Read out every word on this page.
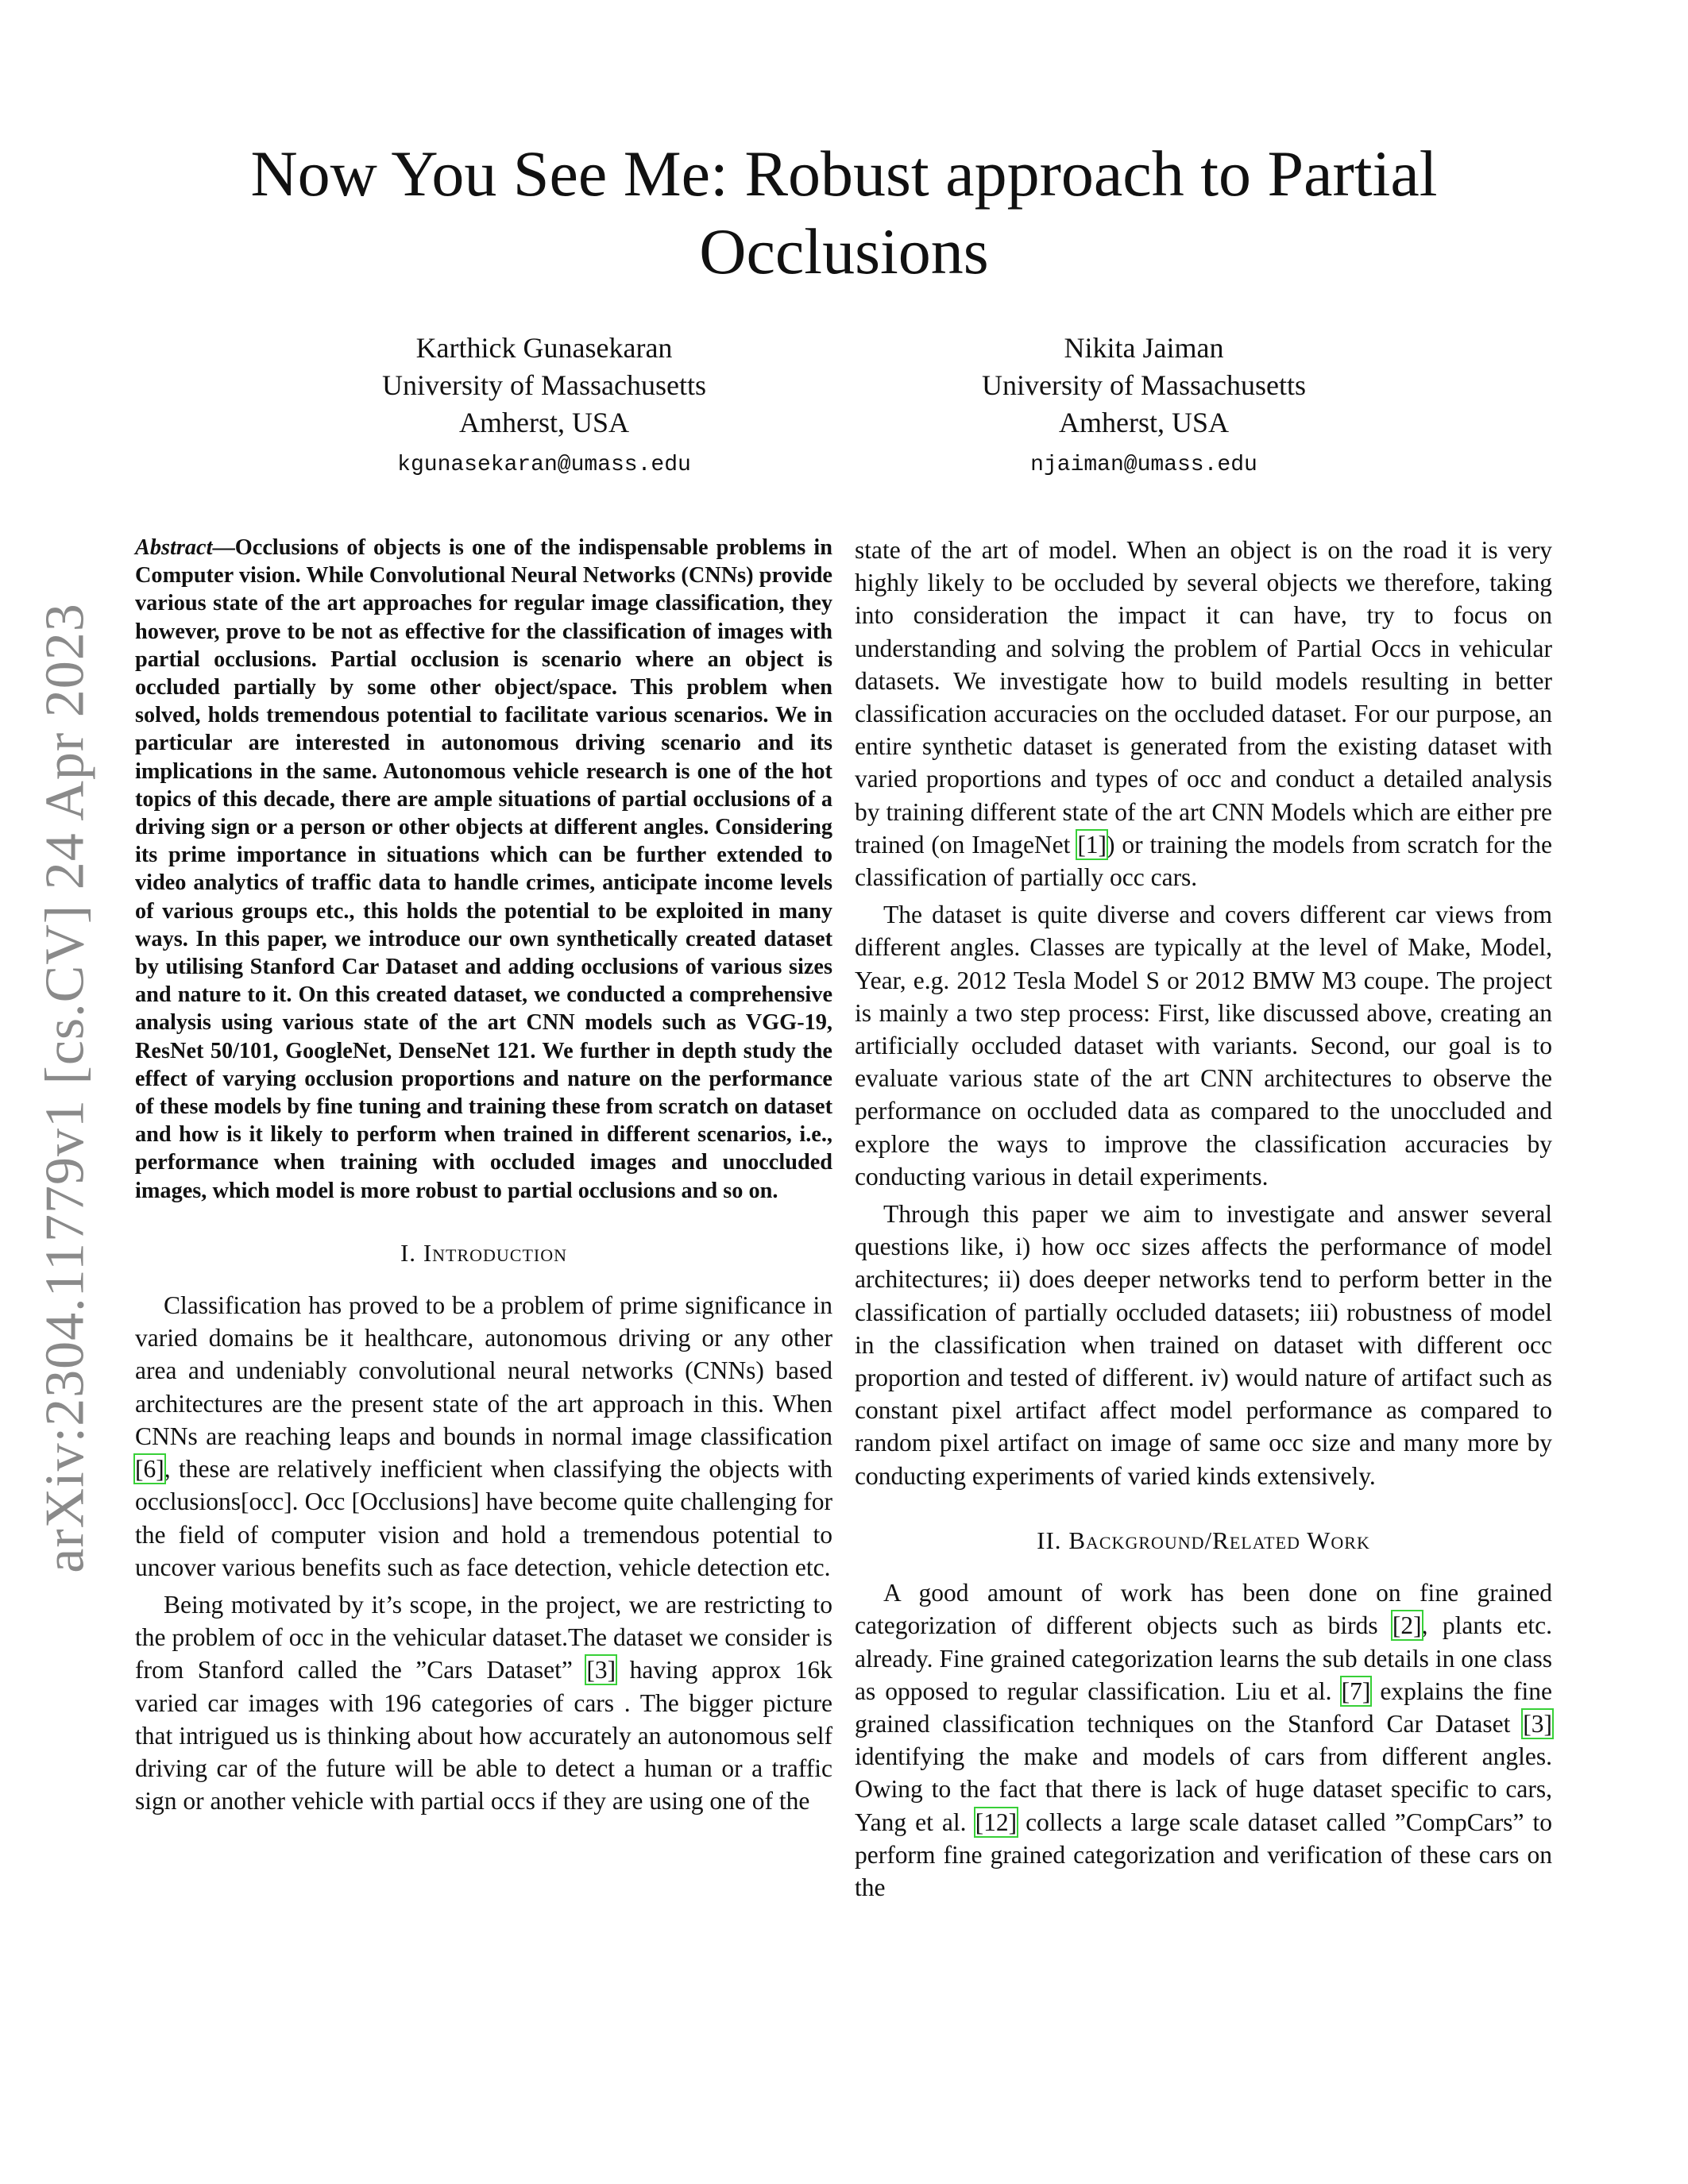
arXiv:2304.11779v1 [cs.CV] 24 Apr 2023
Now You See Me: Robust approach to Partial Occlusions
Karthick Gunasekaran
University of Massachusetts
Amherst, USA
kgunasekaran@umass.edu
Nikita Jaiman
University of Massachusetts
Amherst, USA
njaiman@umass.edu

Abstract—Occlusions of objects is one of the indispensable problems in Computer vision. While Convolutional Neural Networks (CNNs) provide various state of the art approaches for regular image classification, they however, prove to be not as effective for the classification of images with partial occlusions. Partial occlusion is scenario where an object is occluded partially by some other object/space. This problem when solved, holds tremendous potential to facilitate various scenarios. We in particular are interested in autonomous driving scenario and its implications in the same. Autonomous vehicle research is one of the hot topics of this decade, there are ample situations of partial occlusions of a driving sign or a person or other objects at different angles. Considering its prime importance in situations which can be further extended to video analytics of traffic data to handle crimes, anticipate income levels of various groups etc., this holds the potential to be exploited in many ways. In this paper, we introduce our own synthetically created dataset by utilising Stanford Car Dataset and adding occlusions of various sizes and nature to it. On this created dataset, we conducted a comprehensive analysis using various state of the art CNN models such as VGG-19, ResNet 50/101, GoogleNet, DenseNet 121. We further in depth study the effect of varying occlusion proportions and nature on the performance of these models by fine tuning and training these from scratch on dataset and how is it likely to perform when trained in different scenarios, i.e., performance when training with occluded images and unoccluded images, which model is more robust to partial occlusions and so on.

I. Introduction

Classification has proved to be a problem of prime significance in varied domains be it healthcare, autonomous driving or any other area and undeniably convolutional neural networks (CNNs) based architectures are the present state of the art approach in this. When CNNs are reaching leaps and bounds in normal image classification [6], these are relatively inefficient when classifying the objects with occlusions[occ]. Occ [Occlusions] have become quite challenging for the field of computer vision and hold a tremendous potential to uncover various benefits such as face detection, vehicle detection etc.

Being motivated by it’s scope, in the project, we are restricting to the problem of occ in the vehicular dataset.The dataset we consider is from Stanford called the ”Cars Dataset” [3] having approx 16k varied car images with 196 categories of cars . The bigger picture that intrigued us is thinking about how accurately an autonomous self driving car of the future will be able to detect a human or a traffic sign or another vehicle with partial occs if they are using one of the

state of the art of model. When an object is on the road it is very highly likely to be occluded by several objects we therefore, taking into consideration the impact it can have, try to focus on understanding and solving the problem of Partial Occs in vehicular datasets. We investigate how to build models resulting in better classification accuracies on the occluded dataset. For our purpose, an entire synthetic dataset is generated from the existing dataset with varied proportions and types of occ and conduct a detailed analysis by training different state of the art CNN Models which are either pre trained (on ImageNet [1]) or training the models from scratch for the classification of partially occ cars.

The dataset is quite diverse and covers different car views from different angles. Classes are typically at the level of Make, Model, Year, e.g. 2012 Tesla Model S or 2012 BMW M3 coupe. The project is mainly a two step process: First, like discussed above, creating an artificially occluded dataset with variants. Second, our goal is to evaluate various state of the art CNN architectures to observe the performance on occluded data as compared to the unoccluded and explore the ways to improve the classification accuracies by conducting various in detail experiments.

Through this paper we aim to investigate and answer several questions like, i) how occ sizes affects the performance of model architectures; ii) does deeper networks tend to perform better in the classification of partially occluded datasets; iii) robustness of model in the classification when trained on dataset with different occ proportion and tested of different. iv) would nature of artifact such as constant pixel artifact affect model performance as compared to random pixel artifact on image of same occ size and many more by conducting experiments of varied kinds extensively.

II. Background/Related Work

A good amount of work has been done on fine grained categorization of different objects such as birds [2], plants etc. already. Fine grained categorization learns the sub details in one class as opposed to regular classification. Liu et al. [7] explains the fine grained classification techniques on the Stanford Car Dataset [3] identifying the make and models of cars from different angles. Owing to the fact that there is lack of huge dataset specific to cars, Yang et al. [12] collects a large scale dataset called ”CompCars” to perform fine grained categorization and verification of these cars on the
